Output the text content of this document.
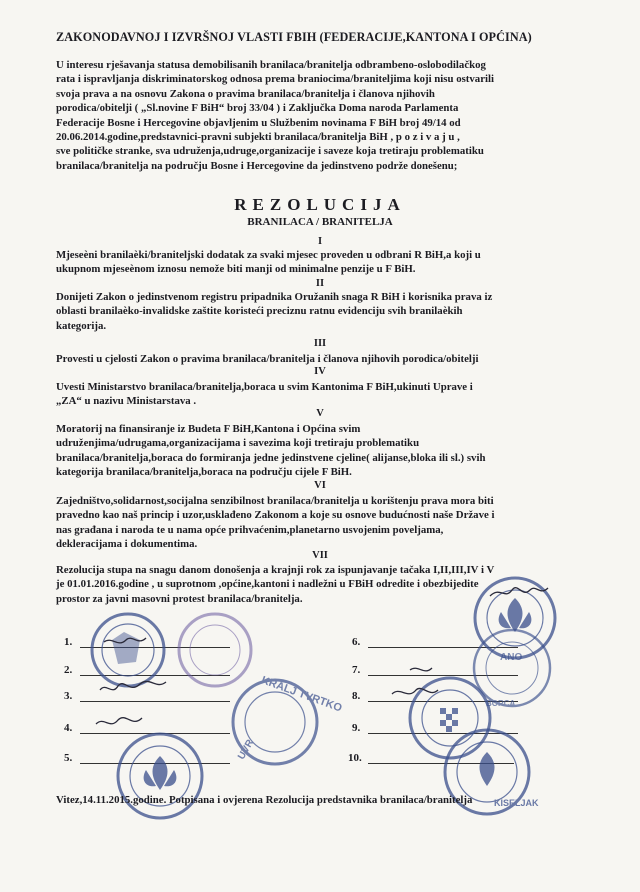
ZAKONODAVNOJ I IZVRŠNOJ VLASTI FBIH (FEDERACIJE,KANTONA I OPĆINA)
U interesu rješavanja statusa demobilisanih branilaca/branitelja odbrambeno-oslobodilačkog
rata i ispravljanja diskriminatorskog odnosa prema braniocima/braniteljima koji nisu ostvarili
svoja prava a na osnovu Zakona o pravima branilaca/branitelja i članova njihovih
porodica/obitelji ( „Sl.novine F BiH“ broj 33/04 ) i Zaključka Doma naroda Parlamenta
Federacije Bosne i Hercegovine objavljenim u Službenim novinama F BiH broj 49/14 od
20.06.2014.godine,predstavnici-pravni subjekti branilaca/branitelja BiH , p o z i v a j u ,
sve političke stranke, sva udruženja,udruge,organizacije i saveze koja tretiraju problematiku
branilaca/branitelja na području Bosne i Hercegovine da jedinstveno podrže donešenu;
REZOLUCIJA
BRANILACA / BRANITELJA
I
Mjeseèni branilaèki/braniteljski dodatak za svaki mjesec proveden u odbrani R BiH,a koji u
ukupnom mjeseènom iznosu nemože biti manji od minimalne penzije u F BiH.
II
Donijeti Zakon o jedinstvenom registru pripadnika Oružanih snaga R BiH i korisnika prava iz
oblasti branilaèko-invalidske zaštite koristeći preciznu ratnu evidenciju svih branilaèkih
kategorija.
III
Provesti u cjelosti Zakon o pravima branilaca/branitelja i članova njihovih porodica/obitelji
IV
Uvesti Ministarstvo branilaca/branitelja,boraca u svim Kantonima F BiH,ukinuti Uprave i
„ZA“ u nazivu Ministarstava .
V
Moratorij na finansiranje iz Budeta F BiH,Kantona i Općina svim
udruženjima/udrugama,organizacijama i savezima koji tretiraju problematiku
branilaca/branitelja,boraca do formiranja jedne jedinstvene cjeline( alijanse,bloka ili sl.) svih
kategorija branilaca/branitelja,boraca na području cijele F BiH.
VI
Zajedništvo,solidarnost,socijalna senzibilnost branilaca/branitelja u korištenju prava mora biti
pravedno kao naš princip i uzor,usklađeno Zakonom a koje su osnove budućnosti naše Države i
nas građana i naroda te u nama opće prihvaćenim,planetarno usvojenim poveljama,
dekleracijama i dokumentima.
VII
Rezolucija stupa na snagu danom donošenja a krajnji rok za ispunjavanje tačaka I,II,III,IV i V
je 01.01.2016.godine , u suprotnom ,općine,kantoni i nadležni u FBiH odredite i obezbijedite
prostor za javni masovni protest branilaca/branitelja.
1.
2.
3.
4.
5.
6.
7.
8.
9.
10.
KRALJ TVRTKO
UVR
ANO
BORCA
KISELJAK
Vitez,14.11.2015.godine. Potpisana i ovjerena Rezolucija predstavnika branilaca/branitelja
